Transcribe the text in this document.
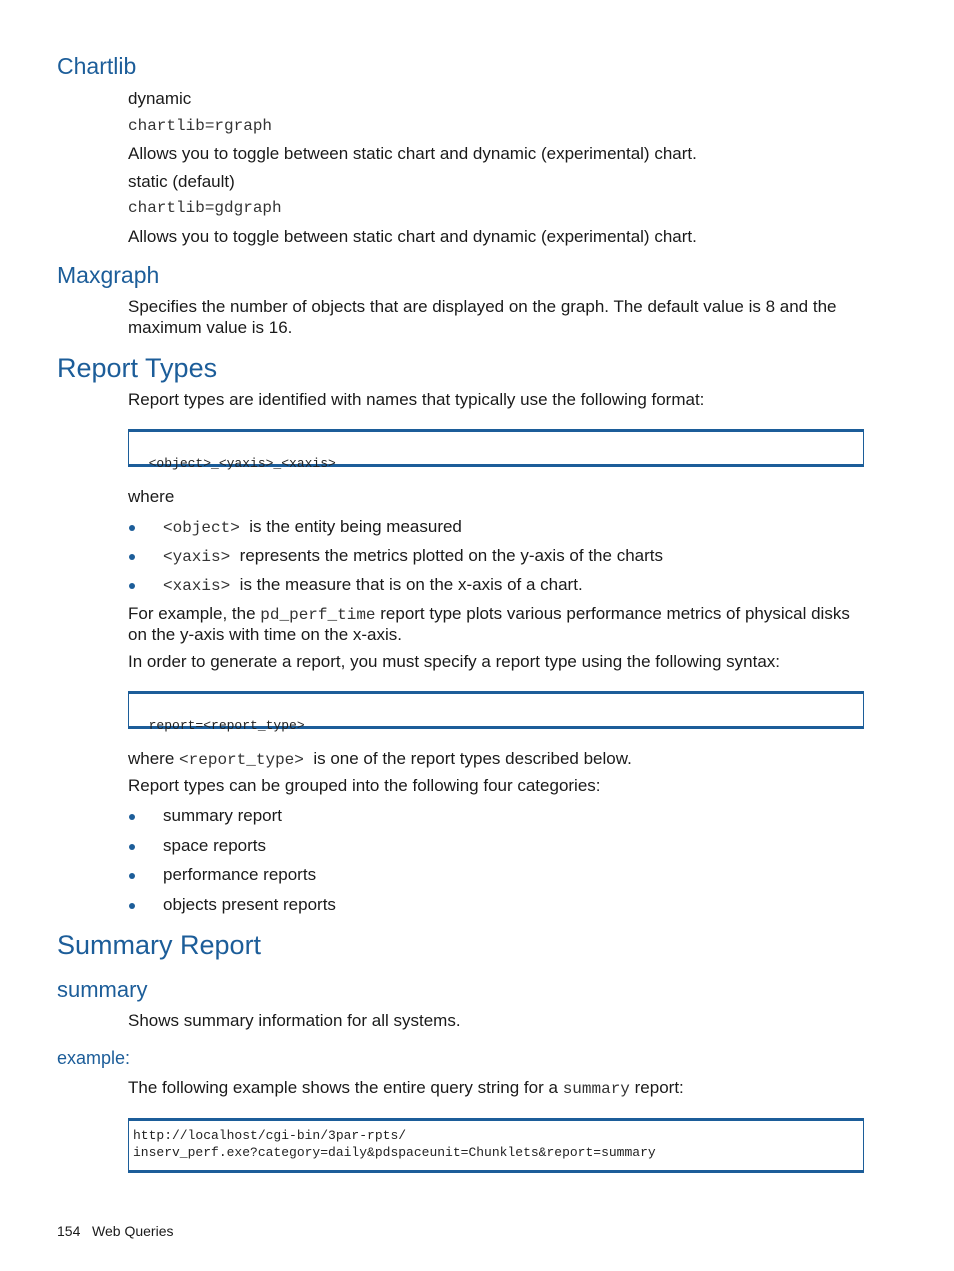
Chartlib
dynamic
chartlib=rgraph
Allows you to toggle between static chart and dynamic (experimental) chart.
static (default)
chartlib=gdgraph
Allows you to toggle between static chart and dynamic (experimental) chart.
Maxgraph
Specifies the number of objects that are displayed on the graph. The default value is 8 and the
maximum value is 16.
Report Types
Report types are identified with names that typically use the following format:

<object>_<yaxis>_<xaxis>

where
<object> is the entity being measured
<yaxis> represents the metrics plotted on the y-axis of the charts
<xaxis> is the measure that is on the x-axis of a chart.
For example, the pd_perf_time report type plots various performance metrics of physical disks
on the y-axis with time on the x-axis.
In order to generate a report, you must specify a report type using the following syntax:

report=<report_type>

where <report_type> is one of the report types described below.
Report types can be grouped into the following four categories:
summary report
space reports
performance reports
objects present reports
Summary Report
summary
Shows summary information for all systems.
example:
The following example shows the entire query string for a summary report:
http://localhost/cgi-bin/3par-rpts/
inserv_perf.exe?category=daily&pdspaceunit=Chunklets&report=summary
154 Web Queries
